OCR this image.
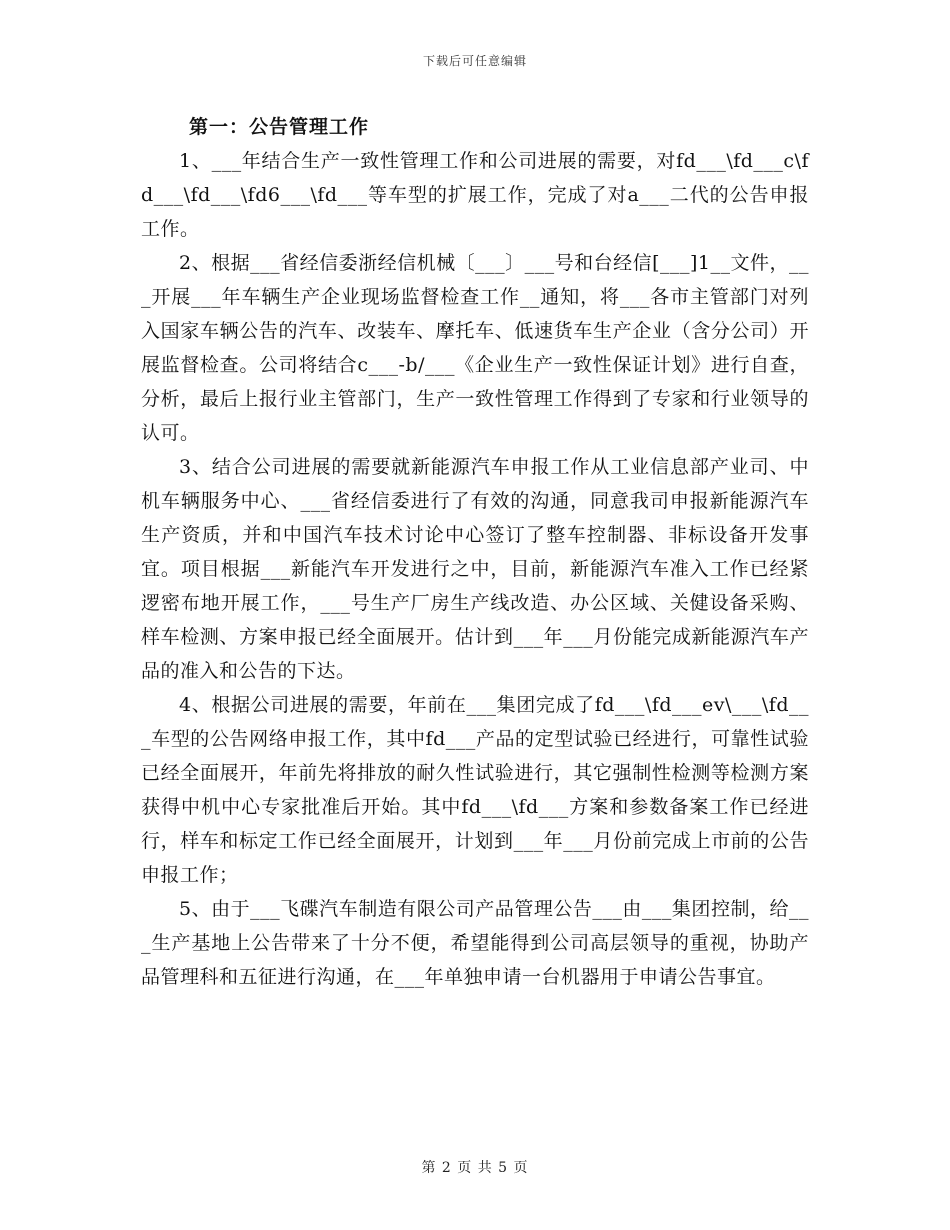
下载后可任意编辑
第一：公告管理工作

1、___年结合生产一致性管理工作和公司进展的需要，对fd___\fd___c\fd___\fd___\fd6___\fd___等车型的扩展工作，完成了对a___二代的公告申报工作。

2、根据___省经信委浙经信机械〔___〕___号和台经信[___]1__文件，___开展___年车辆生产企业现场监督检查工作__通知，将___各市主管部门对列入国家车辆公告的汽车、改装车、摩托车、低速货车生产企业（含分公司）开展监督检查。公司将结合c___-b/___《企业生产一致性保证计划》进行自查，分析，最后上报行业主管部门，生产一致性管理工作得到了专家和行业领导的认可。

3、结合公司进展的需要就新能源汽车申报工作从工业信息部产业司、中机车辆服务中心、___省经信委进行了有效的沟通，同意我司申报新能源汽车生产资质，并和中国汽车技术讨论中心签订了整车控制器、非标设备开发事宜。项目根据___新能汽车开发进行之中，目前，新能源汽车准入工作已经紧逻密布地开展工作，___号生产厂房生产线改造、办公区域、关健设备采购、样车检测、方案申报已经全面展开。估计到___年___月份能完成新能源汽车产品的准入和公告的下达。

4、根据公司进展的需要，年前在___集团完成了fd___\fd___ev\___\fd___车型的公告网络申报工作，其中fd___产品的定型试验已经进行，可靠性试验已经全面展开，年前先将排放的耐久性试验进行，其它强制性检测等检测方案获得中机中心专家批准后开始。其中fd___\fd___方案和参数备案工作已经进行，样车和标定工作已经全面展开，计划到___年___月份前完成上市前的公告申报工作；

5、由于___飞碟汽车制造有限公司产品管理公告___由___集团控制，给___生产基地上公告带来了十分不便，希望能得到公司高层领导的重视，协助产品管理科和五征进行沟通，在___年单独申请一台机器用于申请公告事宜。

第 2 页 共 5 页
